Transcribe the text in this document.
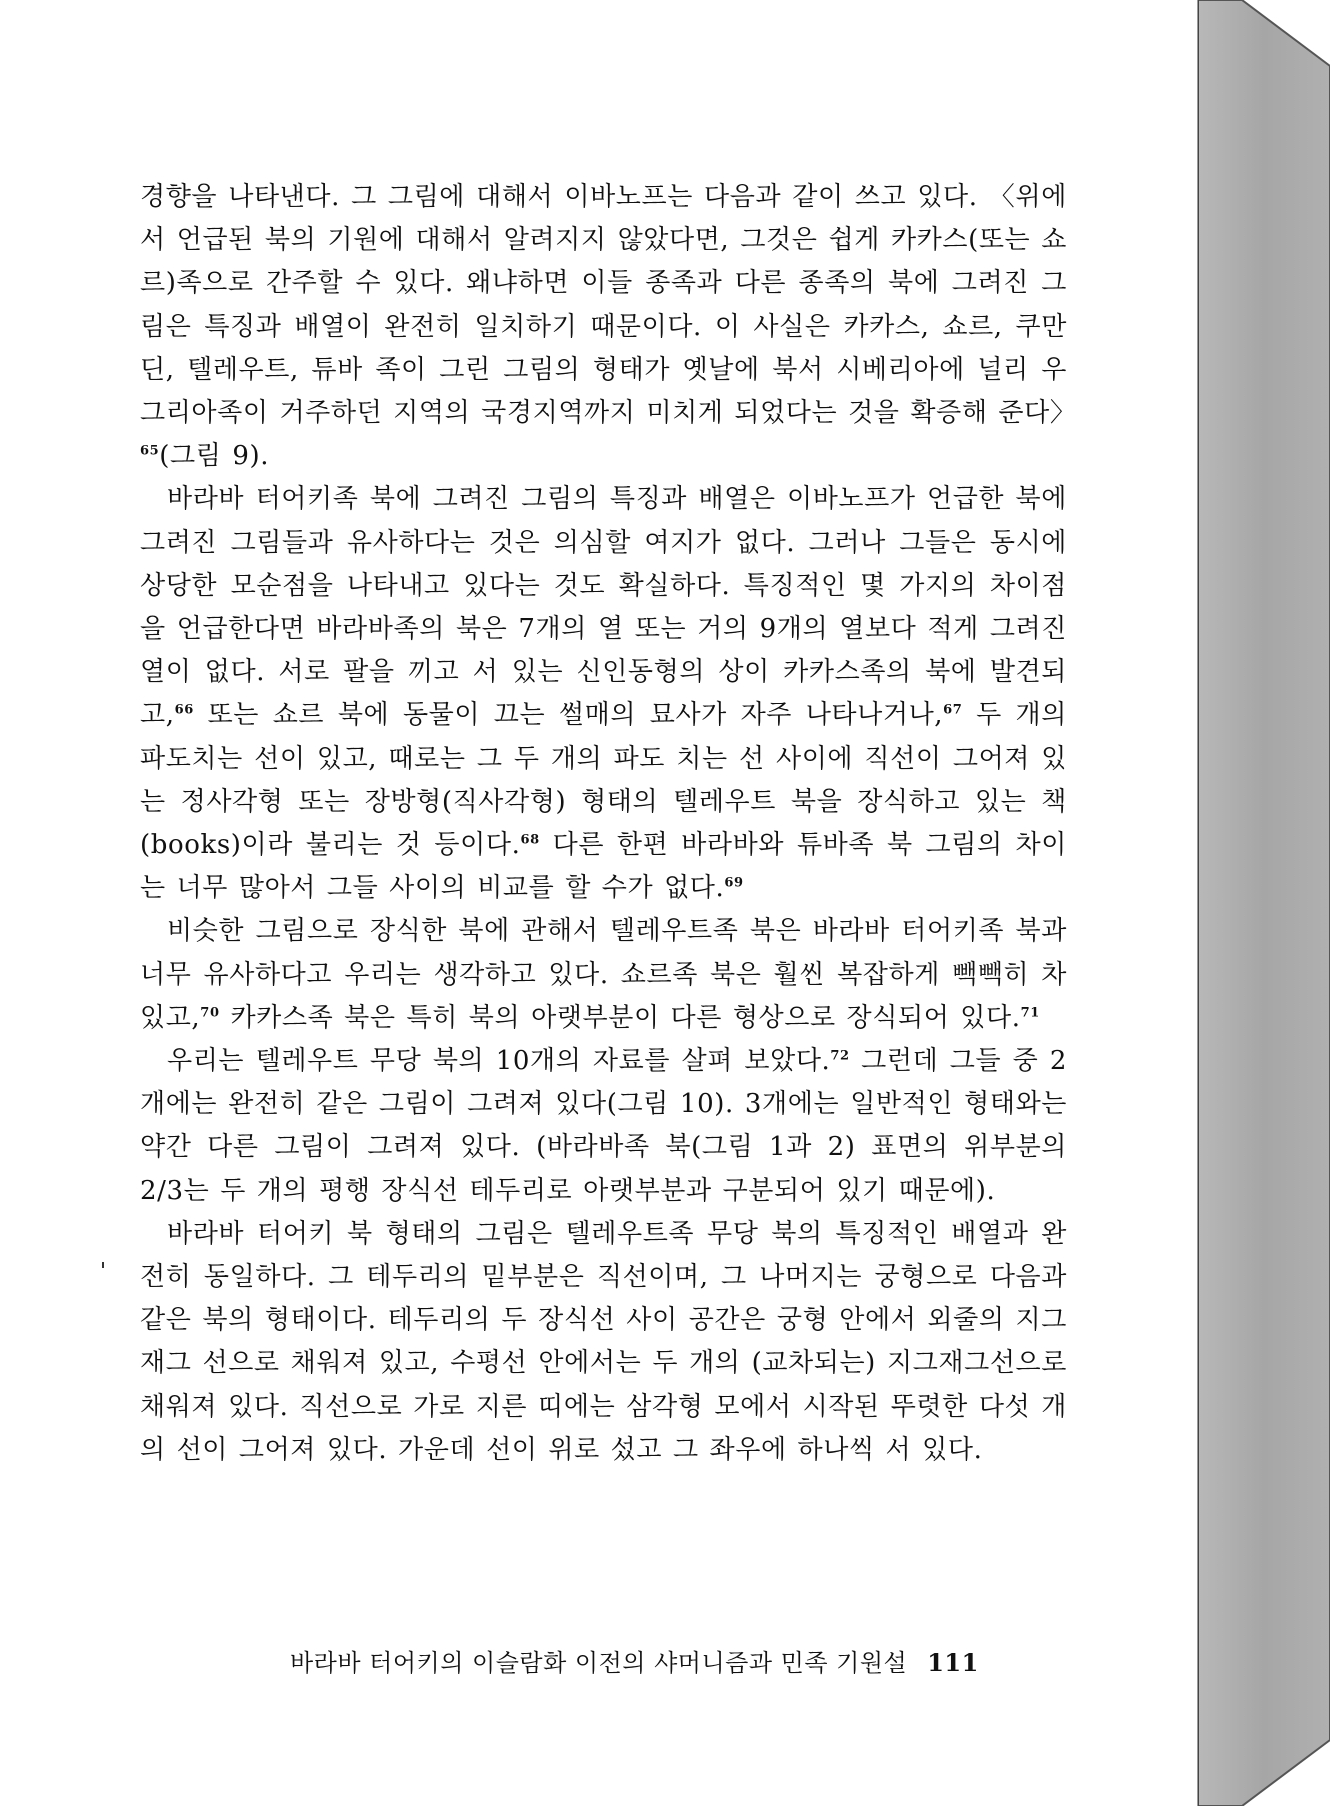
경향을 나타낸다. 그 그림에 대해서 이바노프는 다음과 같이 쓰고 있다. 〈위에서 언급된 북의 기원에 대해서 알려지지 않았다면, 그것은 쉽게 카카스(또는 쇼르)족으로 간주할 수 있다. 왜냐하면 이들 종족과 다른 종족의 북에 그려진 그림은 특징과 배열이 완전히 일치하기 때문이다. 이 사실은 카카스, 쇼르, 쿠만딘, 텔레우트, 튜바 족이 그린 그림의 형태가 옛날에 북서 시베리아에 널리 우그리아족이 거주하던 지역의 국경지역까지 미치게 되었다는 것을 확증해 준다〉$^{65}$(그림 9).

바라바 터어키족 북에 그려진 그림의 특징과 배열은 이바노프가 언급한 북에 그려진 그림들과 유사하다는 것은 의심할 여지가 없다. 그러나 그들은 동시에 상당한 모순점을 나타내고 있다는 것도 확실하다. 특징적인 몇 가지의 차이점을 언급한다면 바라바족의 북은 7개의 열 또는 거의 9개의 열보다 적게 그려진 열이 없다. 서로 팔을 끼고 서 있는 신인동형의 상이 카카스족의 북에 발견되고,$^{66}$ 또는 쇼르 북에 동물이 끄는 썰매의 묘사가 자주 나타나거나,$^{67}$ 두 개의 파도치는 선이 있고, 때로는 그 두 개의 파도 치는 선 사이에 직선이 그어져 있는 정사각형 또는 장방형(직사각형) 형태의 텔레우트 북을 장식하고 있는 책(books)이라 불리는 것 등이다.$^{68}$ 다른 한편 바라바와 튜바족 북 그림의 차이는 너무 많아서 그들 사이의 비교를 할 수가 없다.$^{69}$

비슷한 그림으로 장식한 북에 관해서 텔레우트족 북은 바라바 터어키족 북과 너무 유사하다고 우리는 생각하고 있다. 쇼르족 북은 훨씬 복잡하게 빽빽히 차 있고,$^{70}$ 카카스족 북은 특히 북의 아랫부분이 다른 형상으로 장식되어 있다.$^{71}$

우리는 텔레우트 무당 북의 10개의 자료를 살펴 보았다.$^{72}$ 그런데 그들 중 2개에는 완전히 같은 그림이 그려져 있다(그림 10). 3개에는 일반적인 형태와는 약간 다른 그림이 그려져 있다. (바라바족 북(그림 1과 2) 표면의 위부분의 2/3는 두 개의 평행 장식선 테두리로 아랫부분과 구분되어 있기 때문에).

바라바 터어키 북 형태의 그림은 텔레우트족 무당 북의 특징적인 배열과 완전히 동일하다. 그 테두리의 밑부분은 직선이며, 그 나머지는 궁형으로 다음과 같은 북의 형태이다. 테두리의 두 장식선 사이 공간은 궁형 안에서 외줄의 지그재그 선으로 채워져 있고, 수평선 안에서는 두 개의 (교차되는) 지그재그선으로 채워져 있다. 직선으로 가로 지른 띠에는 삼각형 모에서 시작된 뚜렷한 다섯 개의 선이 그어져 있다. 가운데 선이 위로 섰고 그 좌우에 하나씩 서 있다.

바라바 터어키의 이슬람화 이전의 샤머니즘과 민족 기원설 111
